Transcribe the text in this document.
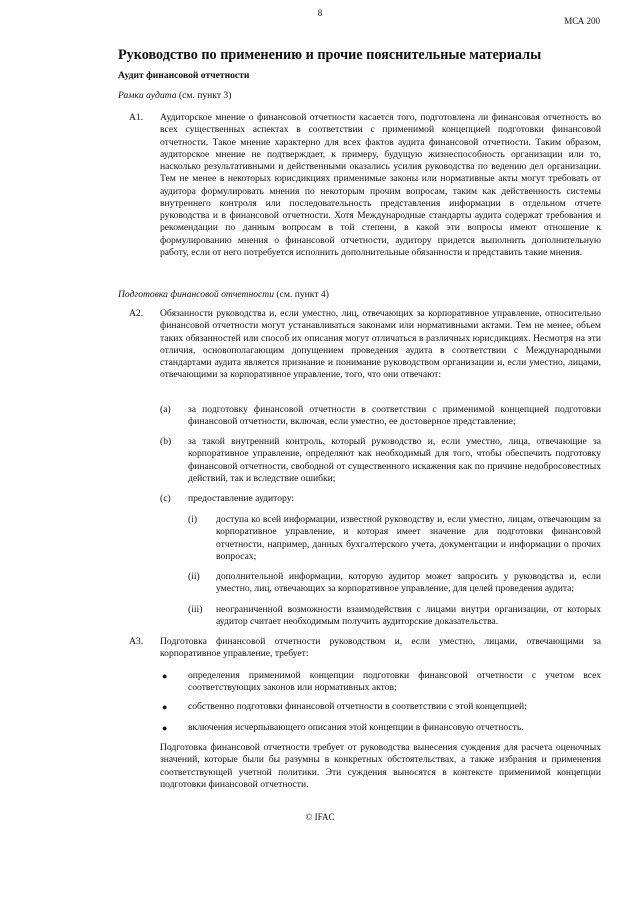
8
МСА 200
Руководство по применению и прочие пояснительные материалы
Аудит финансовой отчетности
Рамки аудита (см. пункт 3)
A1. Аудиторское мнение о финансовой отчетности касается того, подготовлена ли финансовая отчетность во всех существенных аспектах в соответствии с применимой концепцией подготовки финансовой отчетности. Такое мнение характерно для всех фактов аудита финансовой отчетности. Таким образом, аудиторское мнение не подтверждает, к примеру, будущую жизнеспособность организации или то, насколько результативными и действенными оказались усилия руководства по ведению дел организации. Тем не менее в некоторых юрисдикциях применимые законы или нормативные акты могут требовать от аудитора формулировать мнения по некоторым прочим вопросам, таким как действенность системы внутреннего контроля или последовательность представления информации в отдельном отчете руководства и в финансовой отчетности. Хотя Международные стандарты аудита содержат требования и рекомендации по данным вопросам в той степени, в какой эти вопросы имеют отношение к формулированию мнения о финансовой отчетности, аудитору придется выполнить дополнительную работу, если от него потребуется исполнить дополнительные обязанности и представить такие мнения.
Подготовка финансовой отчетности (см. пункт 4)
A2. Обязанности руководства и, если уместно, лиц, отвечающих за корпоративное управление, относительно финансовой отчетности могут устанавливаться законами или нормативными актами. Тем не менее, объем таких обязанностей или способ их описания могут отличаться в различных юрисдикциях. Несмотря на эти отличия, основополагающим допущением проведения аудита в соответствии с Международными стандартами аудита является признание и понимание руководством организации и, если уместно, лицами, отвечающими за корпоративное управление, того, что они отвечают:
(a) за подготовку финансовой отчетности в соответствии с применимой концепцией подготовки финансовой отчетности, включая, если уместно, ее достоверное представление;
(b) за такой внутренний контроль, который руководство и, если уместно, лица, отвечающие за корпоративное управление, определяют как необходимый для того, чтобы обеспечить подготовку финансовой отчетности, свободной от существенного искажения как по причине недобросовестных действий, так и вследствие ошибки;
(c) предоставление аудитору:
(i) доступа ко всей информации, известной руководству и, если уместно, лицам, отвечающим за корпоративное управление, и которая имеет значение для подготовки финансовой отчетности, например, данных бухгалтерского учета, документации и информации о прочих вопросах;
(ii) дополнительной информации, которую аудитор может запросить у руководства и, если уместно, лиц, отвечающих за корпоративное управление, для целей проведения аудита;
(iii) неограниченной возможности взаимодействия с лицами внутри организации, от которых аудитор считает необходимым получить аудиторские доказательства.
A3. Подготовка финансовой отчетности руководством и, если уместно, лицами, отвечающими за корпоративное управление, требует:
● определения применимой концепции подготовки финансовой отчетности с учетом всех соответствующих законов или нормативных актов;
● собственно подготовки финансовой отчетности в соответствии с этой концепцией;
● включения исчерпывающего описания этой концепции в финансовую отчетность.
Подготовка финансовой отчетности требует от руководства вынесения суждения для расчета оценочных значений, которые были бы разумны в конкретных обстоятельствах, а также избрания и применения соответствующей учетной политики. Эти суждения выносятся в контексте применимой концепции подготовки финансовой отчетности.
© IFAC
